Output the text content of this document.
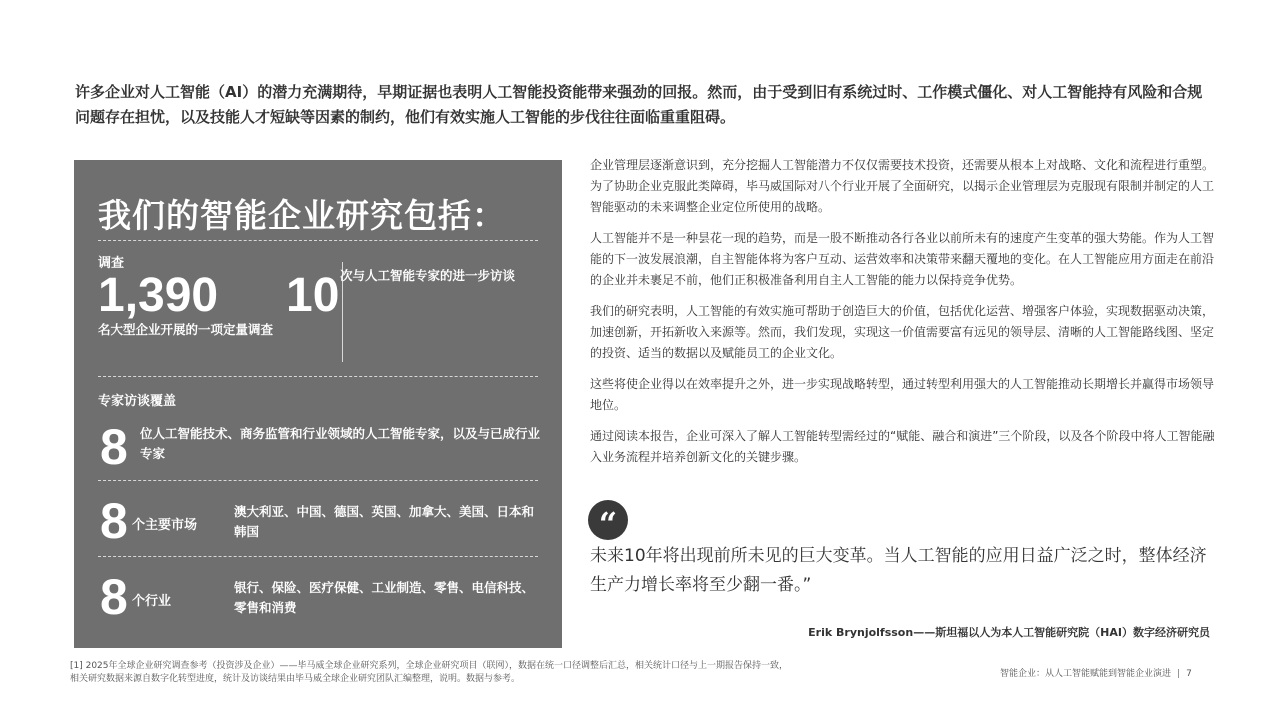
许多企业对人工智能（AI）的潜力充满期待，早期证据也表明人工智能投资能带来强劲的回报。然而，由于受到旧有系统过时、工作模式僵化、对人工智能持有风险和合规问题存在担忧，以及技能人才短缺等因素的制约，他们有效实施人工智能的步伐往往面临重重阻碍。
我们的智能企业研究包括：
调查
1,390
名大型企业开展的一项定量调查
10 次与人工智能专家的进一步访谈
专家访谈覆盖
8 位人工智能技术、商务监管和行业领域的人工智能专家，以及与已成行业专家
8 个主要市场
澳大利亚、中国、德国、英国、加拿大、美国、日本和韩国
8 个行业
银行、保险、医疗保健、工业制造、零售、电信科技、零售和消费

企业管理层逐渐意识到，充分挖掘人工智能潜力不仅仅需要技术投资，还需要从根本上对战略、文化和流程进行重塑。为了协助企业克服此类障碍，毕马威国际对八个行业开展了全面研究，以揭示企业管理层为克服现有限制并制定的人工智能驱动的未来调整企业定位所使用的战略。

人工智能并不是一种昙花一现的趋势，而是一股不断推动各行各业以前所未有的速度产生变革的强大势能。作为人工智能的下一波发展浪潮，自主智能体将为客户互动、运营效率和决策带来翻天覆地的变化。在人工智能应用方面走在前沿的企业并未裹足不前，他们正积极准备利用自主人工智能的能力以保持竞争优势。

我们的研究表明，人工智能的有效实施可帮助于创造巨大的价值，包括优化运营、增强客户体验，实现数据驱动决策，加速创新，开拓新收入来源等。然而，我们发现，实现这一价值需要富有远见的领导层、清晰的人工智能路线图、坚定的投资、适当的数据以及赋能员工的企业文化。

这些将使企业得以在效率提升之外，进一步实现战略转型，通过转型利用强大的人工智能推动长期增长并赢得市场领导地位。

通过阅读本报告，企业可深入了解人工智能转型需经过的“赋能、融合和演进”三个阶段，以及各个阶段中将人工智能融入业务流程并培养创新文化的关键步骤。

“
未来10年将出现前所未见的巨大变革。当人工智能的应用日益广泛之时，整体经济生产力增长率将至少翻一番。”
Erik Brynjolfsson——斯坦福以人为本人工智能研究院（HAI）数字经济研究员
[1] 2025年全球企业研究调查参考（投资涉及企业）——毕马威全球企业研究系列，全球企业研究项目（联网），数据在统一口径调整后汇总，相关统计口径与上一期报告保持一致，相关研究数据来源自数字化转型进度，统计及访谈结果由毕马威全球企业研究团队汇编整理，说明。数据与参考。	智能企业：从人工智能赋能到智能企业演进 | 7
